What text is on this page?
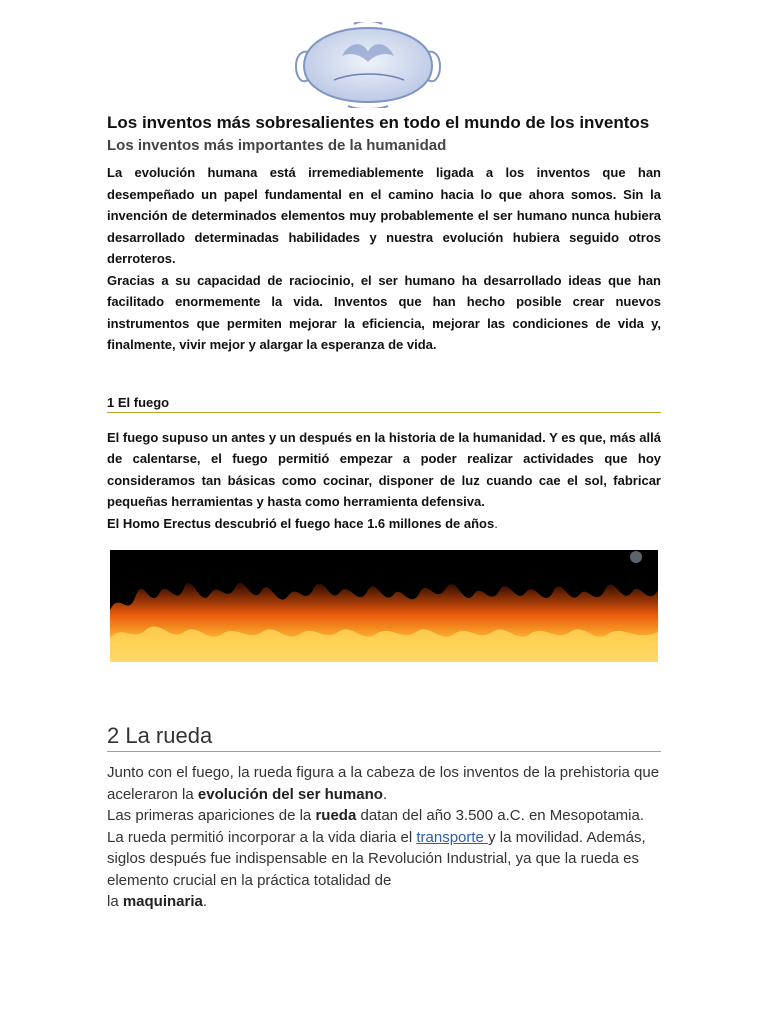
Los inventos más sobresalientes en todo el mundo de los inventos
Los inventos más importantes de la humanidad

La evolución humana está irremediablemente ligada a los inventos que han desempeñado un papel fundamental en el camino hacia lo que ahora somos. Sin la invención de determinados elementos muy probablemente el ser humano nunca hubiera desarrollado determinadas habilidades y nuestra evolución hubiera seguido otros derroteros.

Gracias a su capacidad de raciocinio, el ser humano ha desarrollado ideas que han facilitado enormemente la vida. Inventos que han hecho posible crear nuevos instrumentos que permiten mejorar la eficiencia, mejorar las condiciones de vida y, finalmente, vivir mejor y alargar la esperanza de vida.

1 El fuego

El fuego supuso un antes y un después en la historia de la humanidad. Y es que, más allá de calentarse, el fuego permitió empezar a poder realizar actividades que hoy consideramos tan básicas como cocinar, disponer de luz cuando cae el sol, fabricar pequeñas herramientas y hasta como herramienta defensiva.

El Homo Erectus descubrió el fuego hace 1.6 millones de años.

2 La rueda

Junto con el fuego, la rueda figura a la cabeza de los inventos de la prehistoria que aceleraron la evolución del ser humano.

Las primeras apariciones de la rueda datan del año 3.500 a.C. en Mesopotamia.

La rueda permitió incorporar a la vida diaria el transporte y la movilidad. Además, siglos después fue indispensable en la Revolución Industrial, ya que la rueda es elemento crucial en la práctica totalidad de
la maquinaria.
